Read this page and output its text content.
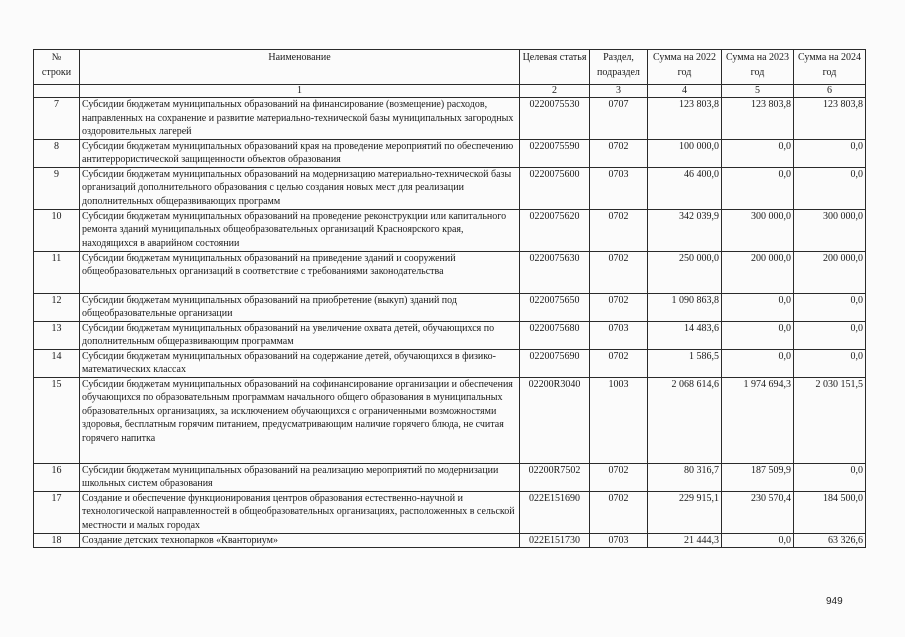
№ строки	Наименование	Целевая статья	Раздел, подраздел	Сумма на 2022 год	Сумма на 2023 год	Сумма на 2024 год
	1	2	3	4	5	6
7	Субсидии бюджетам муниципальных образований на финансирование (возмещение) расходов, направленных на сохранение и развитие материально-технической базы муниципальных загородных оздоровительных лагерей	0220075530	0707	123 803,8	123 803,8	123 803,8
8	Субсидии бюджетам муниципальных образований края на проведение мероприятий по обеспечению антитеррористической защищенности объектов образования	0220075590	0702	100 000,0	0,0	0,0
9	Субсидии бюджетам муниципальных образований на модернизацию материально-технической базы организаций дополнительного образования с целью создания новых мест для реализации дополнительных общеразвивающих программ	0220075600	0703	46 400,0	0,0	0,0
10	Субсидии бюджетам муниципальных образований на проведение реконструкции или капитального ремонта зданий муниципальных общеобразовательных организаций Красноярского края, находящихся в аварийном состоянии	0220075620	0702	342 039,9	300 000,0	300 000,0
11	Субсидии бюджетам муниципальных образований на приведение зданий и сооружений общеобразовательных организаций в соответствие с требованиями законодательства	0220075630	0702	250 000,0	200 000,0	200 000,0
12	Субсидии бюджетам муниципальных образований на приобретение (выкуп) зданий под общеобразовательные организации	0220075650	0702	1 090 863,8	0,0	0,0
13	Субсидии бюджетам муниципальных образований на увеличение охвата детей, обучающихся по дополнительным общеразвивающим программам	0220075680	0703	14 483,6	0,0	0,0
14	Субсидии бюджетам муниципальных образований на содержание детей, обучающихся в физико-математических классах	0220075690	0702	1 586,5	0,0	0,0
15	Субсидии бюджетам муниципальных образований на софинансирование организации и обеспечения обучающихся по образовательным программам начального общего образования в муниципальных образовательных организациях, за исключением обучающихся с ограниченными возможностями здоровья, бесплатным горячим питанием, предусматривающим наличие горячего блюда, не считая горячего напитка	02200R3040	1003	2 068 614,6	1 974 694,3	2 030 151,5
16	Субсидии бюджетам муниципальных образований на реализацию мероприятий по модернизации школьных систем образования	02200R7502	0702	80 316,7	187 509,9	0,0
17	Создание и обеспечение функционирования центров образования естественно-научной и технологической направленностей в общеобразовательных организациях, расположенных в сельской местности и малых городах	022E151690	0702	229 915,1	230 570,4	184 500,0
18	Создание детских технопарков «Кванториум»	022E151730	0703	21 444,3	0,0	63 326,6
949
